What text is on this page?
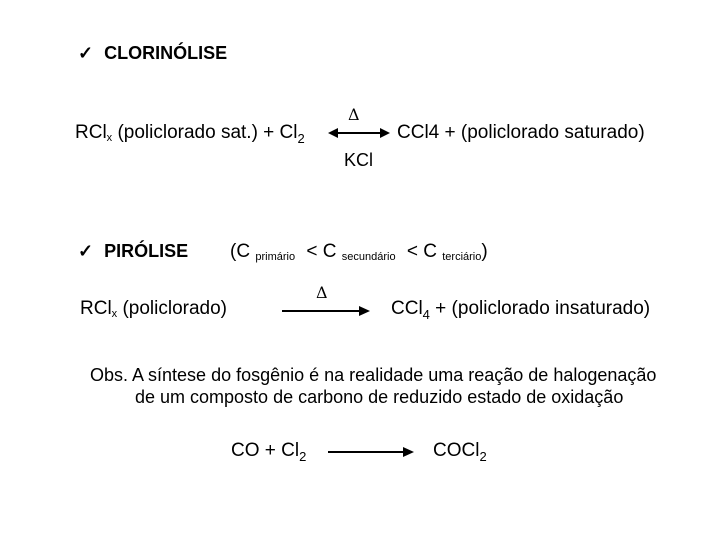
✓ CLORINÓLISE
RCl$_x$ (policlorado $sat.) + Cl_2$
Δ
KCl
CCl4 + (policlorado saturado)
✓ PIRÓLISE (C $_{primário}$ < C $_{secundário}$ < C $_{terciário}$)
RCl$_x$ (policlorado)
Δ
CCl$_4$ + (policlorado insaturado)
Obs. A síntese do fosgênio é na realidade uma reação de halogenação
de um composto de carbono de reduzido estado de oxidação
CO + $Cl_2$	COCl$_2$
